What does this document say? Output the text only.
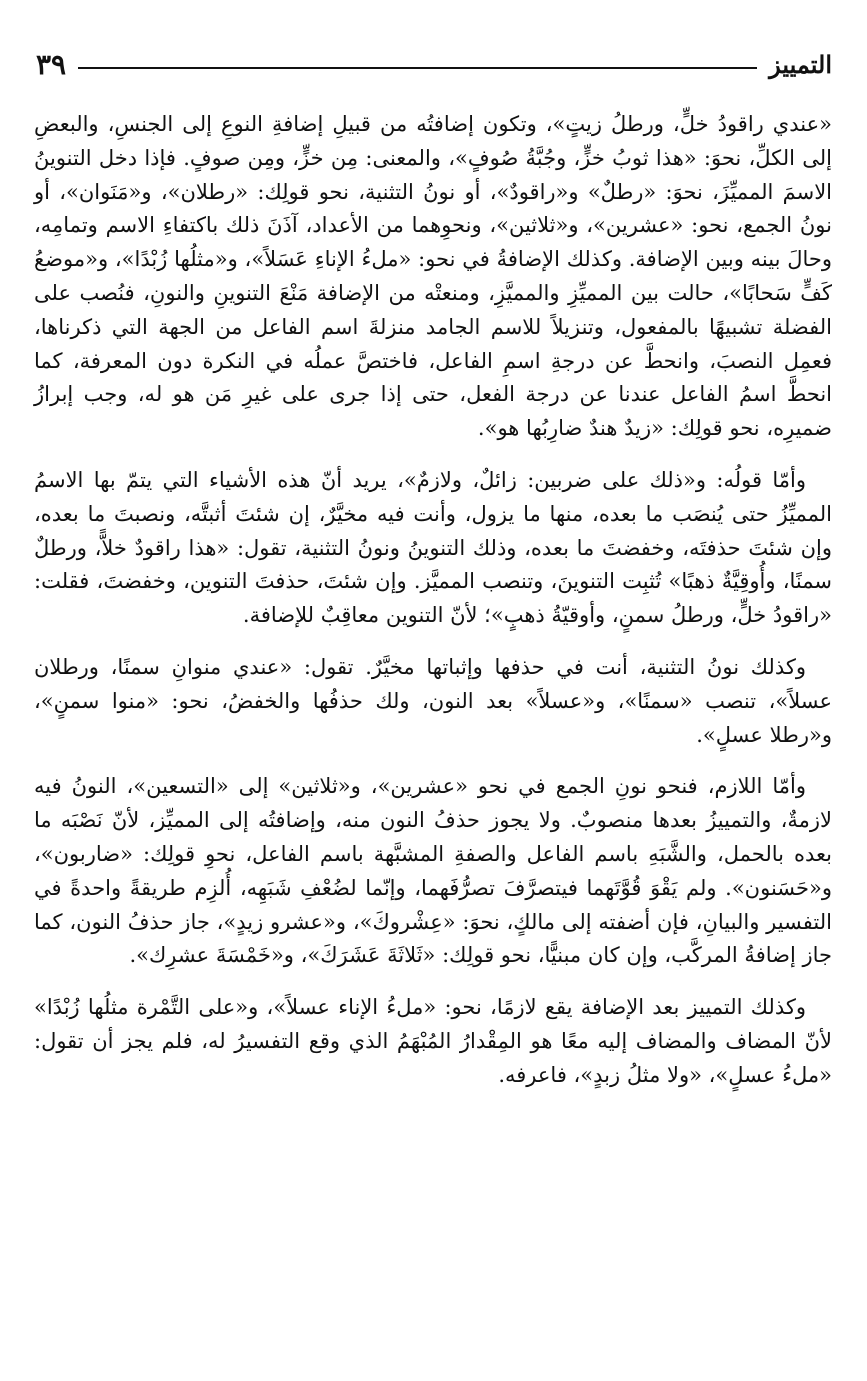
التمييز
٣٩

«عندي راقودُ خلٍّ، ورطلُ زيتٍ»، وتكون إضافتُه من قبيلِ إضافةِ النوعِ إلى الجنسِ، والبعضِ إلى الكلِّ، نحوَ: «هذا ثوبُ خزٍّ، وجُبَّةُ صُوفٍ»، والمعنى: مِن خزٍّ، ومِن صوفٍ. فإذا دخل التنوينُ الاسمَ المميِّزَ، نحوَ: «رطلٌ» و«راقودٌ»، أو نونُ التثنية، نحو قولِك: «رطلان»، و«مَنَوان»، أو نونُ الجمع، نحو: «عشرين»، و«ثلاثين»، ونحوِهما من الأعداد، آذَنَ ذلك باكتفاءِ الاسم وتمامِه، وحالَ بينه وبين الإضافة. وكذلك الإضافةُ في نحو: «ملءُ الإناءِ عَسَلاً»، و«مثلُها زُبْدًا»، و«موضعُ كَفٍّ سَحابًا»، حالت بين المميِّزِ والمميَّزِ، ومنعتْه من الإضافة مَنْعَ التنوينِ والنونِ، فنُصب على الفضلة تشبيهًا بالمفعول، وتنزيلاً للاسم الجامد منزلةَ اسم الفاعل من الجهة التي ذكرناها، فعمِل النصبَ، وانحطَّ عن درجةِ اسمِ الفاعل، فاختصَّ عملُه في النكرة دون المعرفة، كما انحطَّ اسمُ الفاعل عندنا عن درجة الفعل، حتى إذا جرى على غيرِ مَن هو له، وجب إبرازُ ضميرِه، نحو قولِك: «زيدٌ هندٌ ضارِبُها هو».

وأمّا قولُه: و«ذلك على ضربين: زائلٌ، ولازمٌ»، يريد أنّ هذه الأشياء التي يتمّ بها الاسمُ المميِّزُ حتى يُنصَب ما بعده، منها ما يزول، وأنت فيه مخيَّرٌ، إن شئتَ أثبتَّه، ونصبتَ ما بعده، وإن شئتَ حذفتَه، وخفضتَ ما بعده، وذلك التنوينُ ونونُ التثنية، تقول: «هذا راقودٌ خلاًّ، ورطلٌ سمنًا، وأُوقِيَّةٌ ذهبًا» تُثبِت التنوينَ، وتنصب المميَّز. وإن شئتَ، حذفتَ التنوين، وخفضتَ، فقلت: «راقودُ خلٍّ، ورطلُ سمنٍ، وأوقيّةُ ذهبٍ»؛ لأنّ التنوين معاقِبٌ للإضافة.

وكذلك نونُ التثنية، أنت في حذفها وإثباتها مخيَّرٌ. تقول: «عندي منوانِ سمنًا، ورطلان عسلاً»، تنصب «سمنًا»، و«عسلاً» بعد النون، ولك حذفُها والخفضُ، نحو: «منوا سمنٍ»، و«رطلا عسلٍ».

وأمّا اللازم، فنحو نونِ الجمع في نحو «عشرين»، و«ثلاثين» إلى «التسعين»، النونُ فيه لازمةٌ، والتمييزُ بعدها منصوبٌ. ولا يجوز حذفُ النون منه، وإضافتُه إلى المميِّز، لأنّ نَصْبَه ما بعده بالحمل، والشَّبَهِ باسم الفاعل والصفةِ المشبَّهة باسم الفاعل، نحوِ قولِك: «ضاربون»، و«حَسَنون». ولم يَقْوَ قُوَّتَهما فيتصرَّفَ تصرُّفَهما، وإنّما لضُعْفِ شَبَهِه، أُلزِم طريقةً واحدةً في التفسير والبيانِ، فإن أضفته إلى مالكٍ، نحوَ: «عِشْروكَ»، و«عشرو زيدٍ»، جاز حذفُ النون، كما جاز إضافةُ المركَّب، وإن كان مبنيًّا، نحو قولِك: «ثَلاثَةَ عَشَرَكَ»، و«خَمْسَةَ عشرِك».

وكذلك التمييز بعد الإضافة يقع لازمًا، نحو: «ملءُ الإناء عسلاً»، و«على التَّمْرة مثلُها زُبْدًا» لأنّ المضاف والمضاف إليه معًا هو المِقْدارُ المُبْهَمُ الذي وقع التفسيرُ له، فلم يجز أن تقول: «ملءُ عسلٍ»، «ولا مثلُ زبدٍ»، فاعرفه.
